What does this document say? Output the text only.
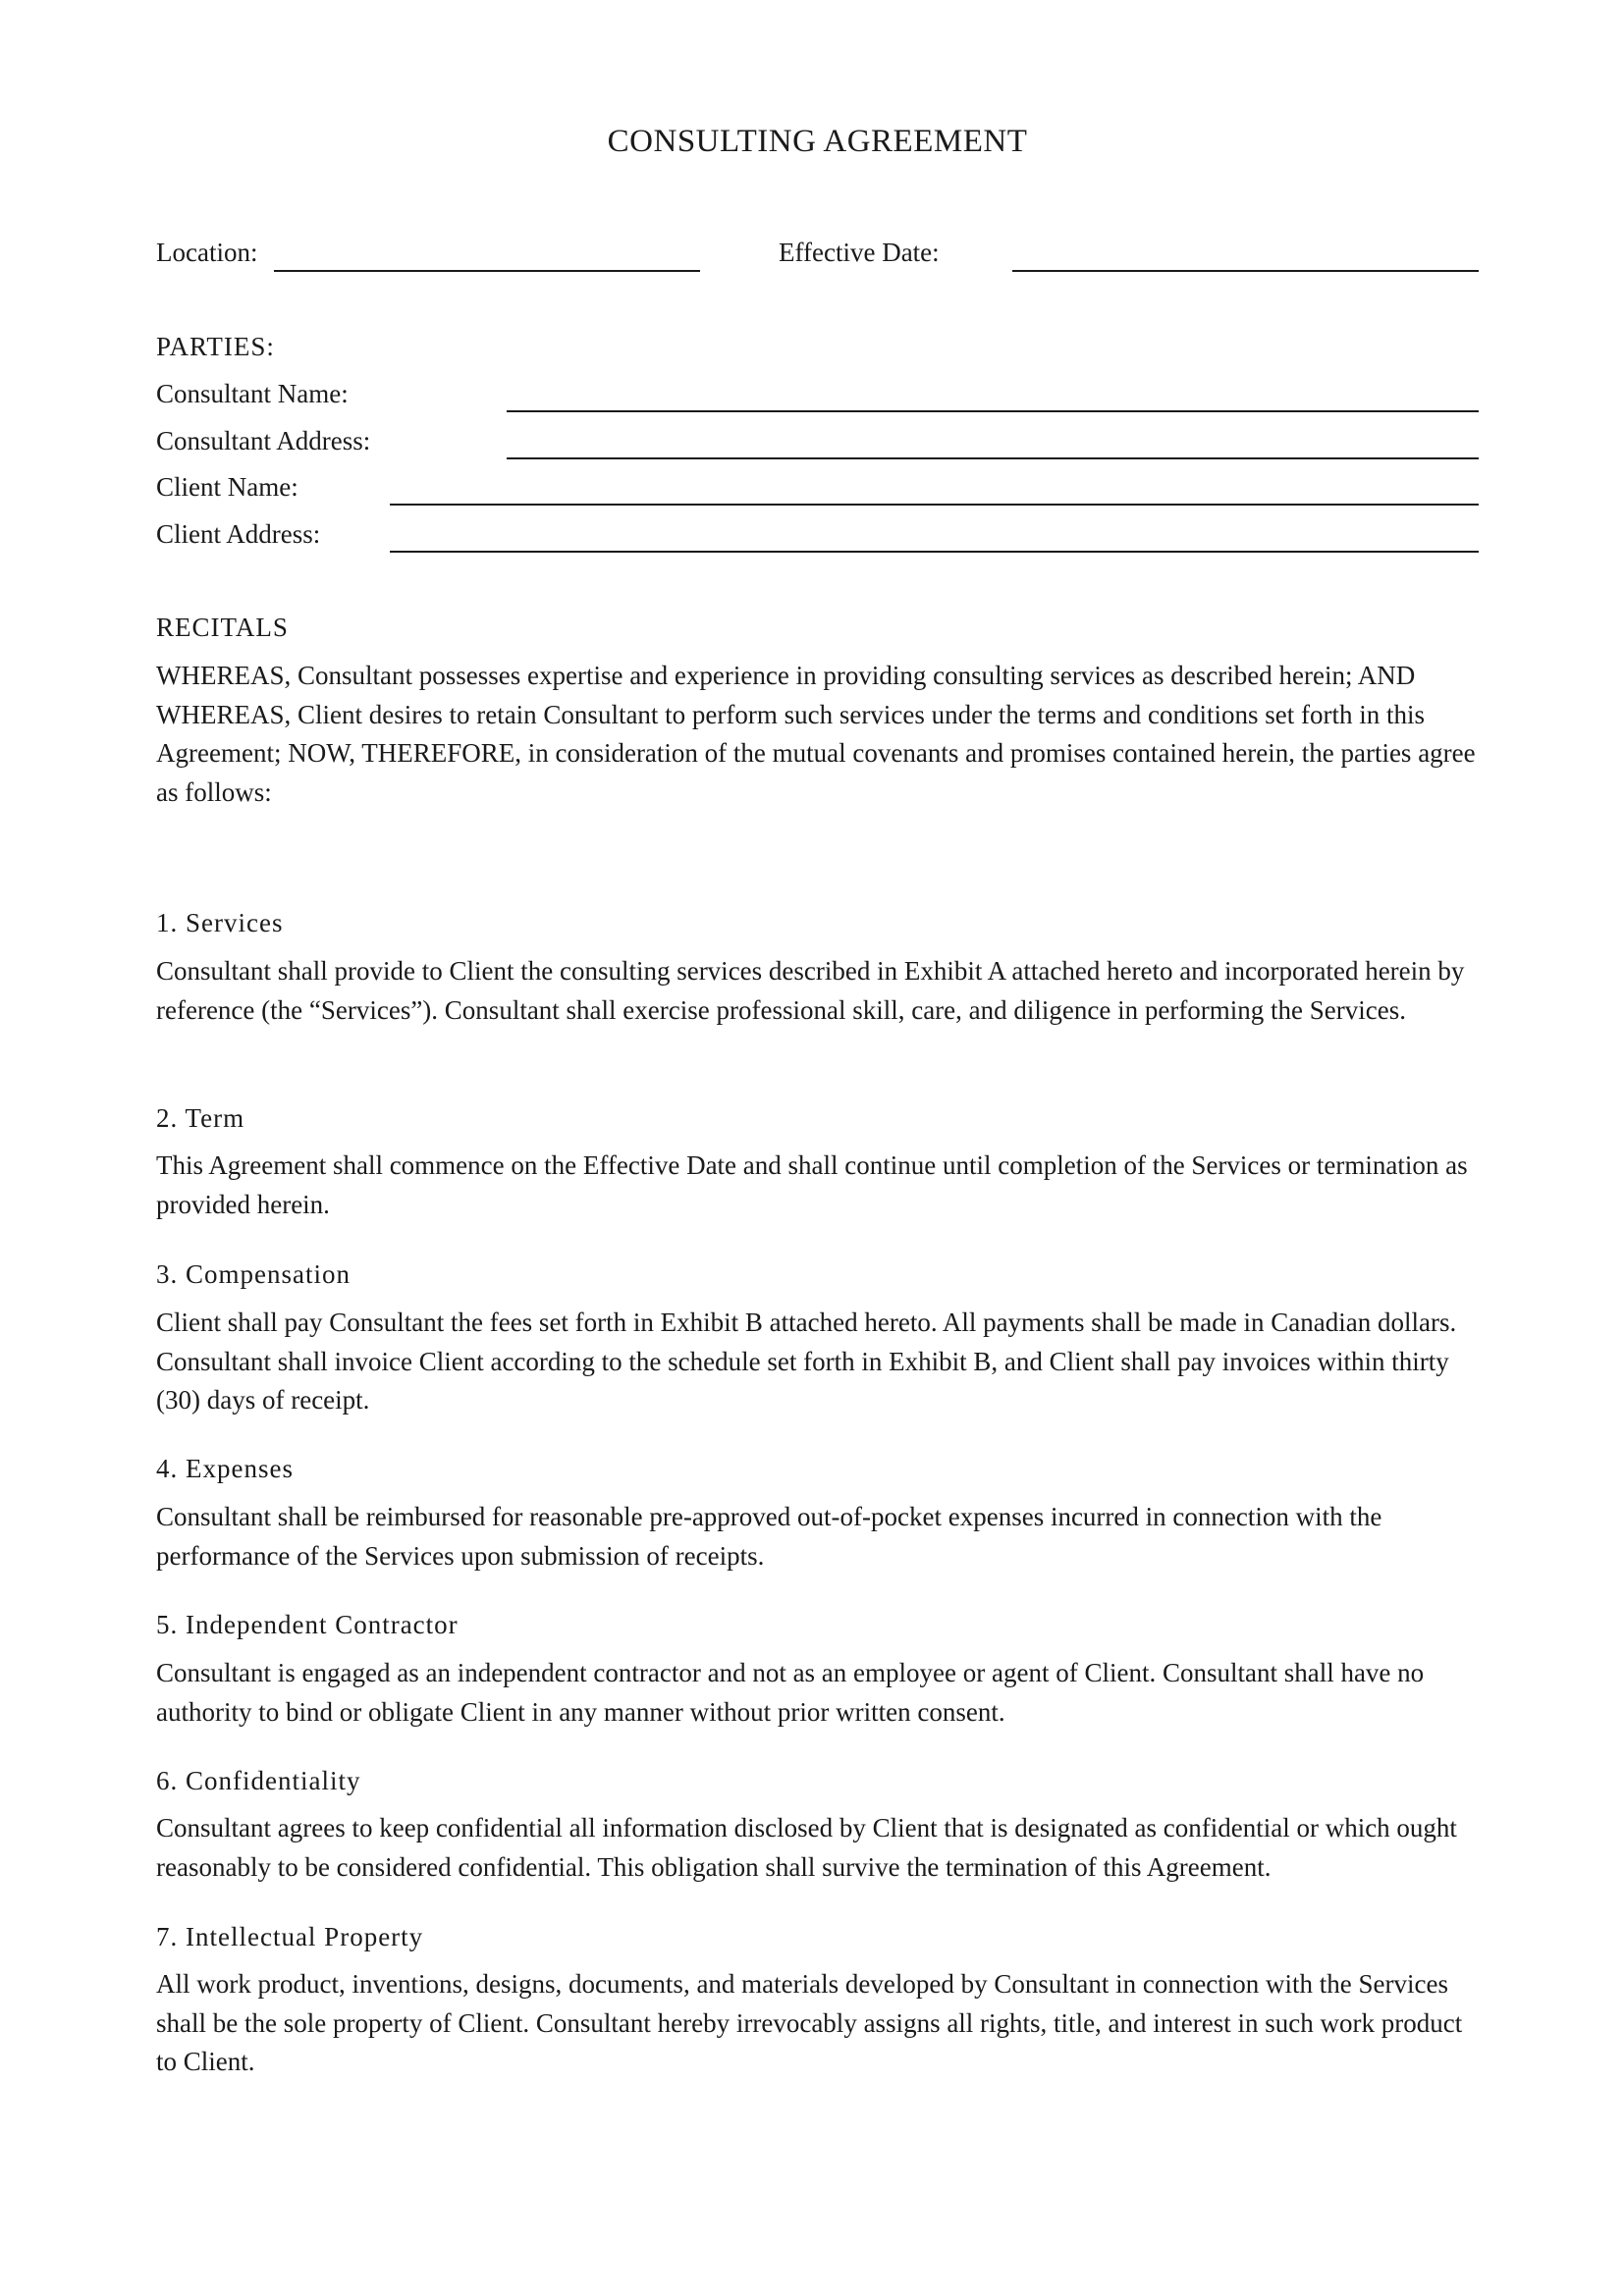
CONSULTING AGREEMENT
Location:	Effective Date:
PARTIES:
Consultant Name:
Consultant Address:
Client Name:
Client Address:
RECITALS
WHEREAS, Consultant possesses expertise and experience in providing consulting services as described herein; AND WHEREAS, Client desires to retain Consultant to perform such services under the terms and conditions set forth in this Agreement; NOW, THEREFORE, in consideration of the mutual covenants and promises contained herein, the parties agree as follows:
1. Services
Consultant shall provide to Client the consulting services described in Exhibit A attached hereto and incorporated herein by reference (the “Services”). Consultant shall exercise professional skill, care, and diligence in performing the Services.
2. Term
This Agreement shall commence on the Effective Date and shall continue until completion of the Services or termination as provided herein.
3. Compensation
Client shall pay Consultant the fees set forth in Exhibit B attached hereto. All payments shall be made in Canadian dollars. Consultant shall invoice Client according to the schedule set forth in Exhibit B, and Client shall pay invoices within thirty (30) days of receipt.
4. Expenses
Consultant shall be reimbursed for reasonable pre-approved out-of-pocket expenses incurred in connection with the performance of the Services upon submission of receipts.
5. Independent Contractor
Consultant is engaged as an independent contractor and not as an employee or agent of Client. Consultant shall have no authority to bind or obligate Client in any manner without prior written consent.
6. Confidentiality
Consultant agrees to keep confidential all information disclosed by Client that is designated as confidential or which ought reasonably to be considered confidential. This obligation shall survive the termination of this Agreement.
7. Intellectual Property
All work product, inventions, designs, documents, and materials developed by Consultant in connection with the Services shall be the sole property of Client. Consultant hereby irrevocably assigns all rights, title, and interest in such work product to Client.
